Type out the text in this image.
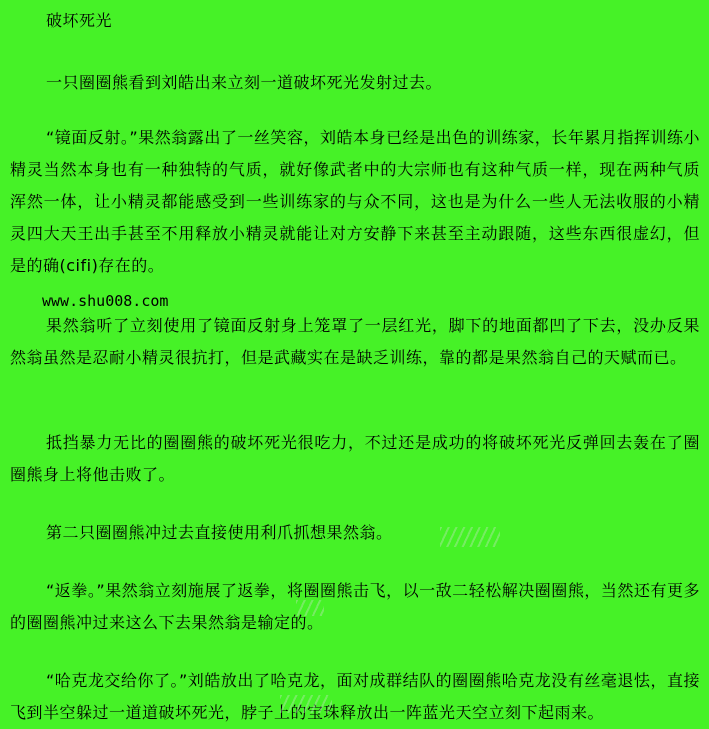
破坏死光

一只圈圈熊看到刘皓出来立刻一道破坏死光发射过去。

“镜面反射。”果然翁露出了一丝笑容，刘皓本身已经是出色的训练家，长年累月指挥训练小精灵当然本身也有一种独特的气质，就好像武者中的大宗师也有这种气质一样，现在两种气质浑然一体，让小精灵都能感受到一些训练家的与众不同，这也是为什么一些人无法收服的小精灵四大天王出手甚至不用释放小精灵就能让对方安静下来甚至主动跟随，这些东西很虚幻，但是的确(cifi)存在的。

www.shu008.com

果然翁听了立刻使用了镜面反射身上笼罩了一层红光，脚下的地面都凹了下去，没办反果然翁虽然是忍耐小精灵很抗打，但是武藏实在是缺乏训练，靠的都是果然翁自己的天赋而已。

抵挡暴力无比的圈圈熊的破坏死光很吃力，不过还是成功的将破坏死光反弹回去轰在了圈圈熊身上将他击败了。

第二只圈圈熊冲过去直接使用利爪抓想果然翁。

“返拳。”果然翁立刻施展了返拳，将圈圈熊击飞，以一敌二轻松解决圈圈熊，当然还有更多的圈圈熊冲过来这么下去果然翁是输定的。

“哈克龙交给你了。”刘皓放出了哈克龙，面对成群结队的圈圈熊哈克龙没有丝毫退怯，直接飞到半空躲过一道道破坏死光，脖子上的宝珠释放出一阵蓝光天空立刻下起雨来。
